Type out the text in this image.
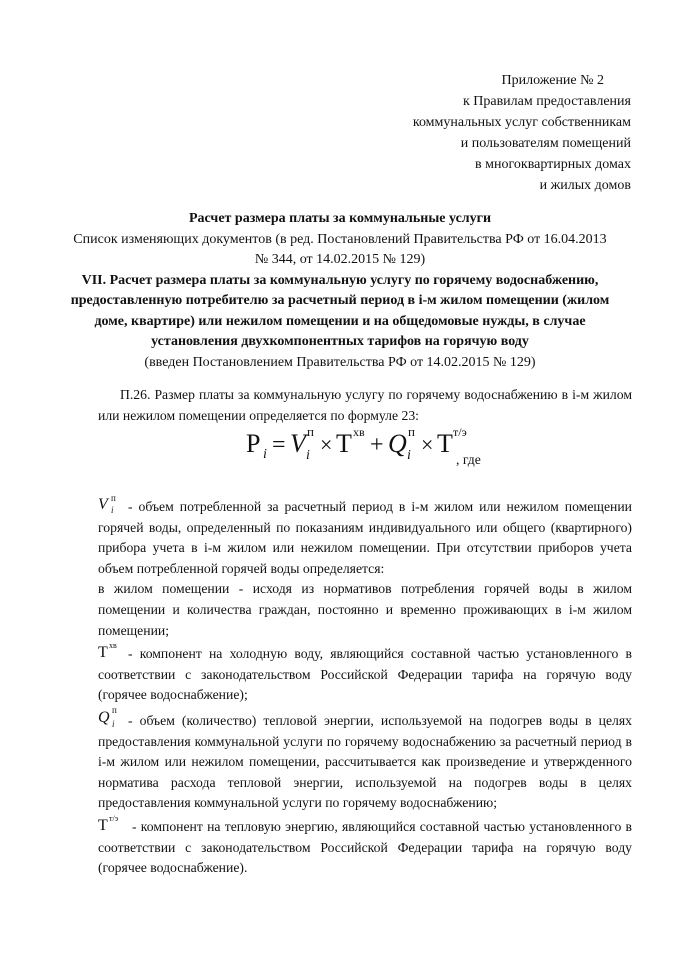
Приложение № 2
к Правилам предоставления
коммунальных услуг собственникам
и пользователям помещений
в многоквартирных домах
и жилых домов
Расчет размера платы за коммунальные услуги
Список изменяющих документов (в ред. Постановлений Правительства РФ от 16.04.2013
№ 344, от 14.02.2015 № 129)
VII. Расчет размера платы за коммунальную услугу по горячему водоснабжению,
предоставленную потребителю за расчетный период в i-м жилом помещении (жилом
доме, квартире) или нежилом помещении и на общедомовые нужды, в случае
установления двухкомпонентных тарифов на горячую воду
(введен Постановлением Правительства РФ от 14.02.2015 № 129)

П.26. Размер платы за коммунальную услугу по горячему водоснабжению в i-м жилом или нежилом помещении определяется по формуле 23:

P i = V п
i × T хв + Q п
i × T т/э
, где

V п
i - объем потребленной за расчетный период в i-м жилом или нежилом помещении горячей воды, определенный по показаниям индивидуального или общего (квартирного) прибора учета в i-м жилом или нежилом помещении. При отсутствии приборов учета объем потребленной горячей воды определяется:

в жилом помещении - исходя из нормативов потребления горячей воды в жилом помещении и количества граждан, постоянно и временно проживающих в i-м жилом помещении;

T хв
- компонент на холодную воду, являющийся составной частью установленного в соответствии с законодательством Российской Федерации тарифа на горячую воду (горячее водоснабжение);

Q п
i - объем (количество) тепловой энергии, используемой на подогрев воды в целях предоставления коммунальной услуги по горячему водоснабжению за расчетный период в i-м жилом или нежилом помещении, рассчитывается как произведение и утвержденного норматива расхода тепловой энергии, используемой на подогрев воды в целях предоставления коммунальной услуги по горячему водоснабжению;

T т/э
- компонент на тепловую энергию, являющийся составной частью установленного в соответствии с законодательством Российской Федерации тарифа на горячую воду (горячее водоснабжение).
